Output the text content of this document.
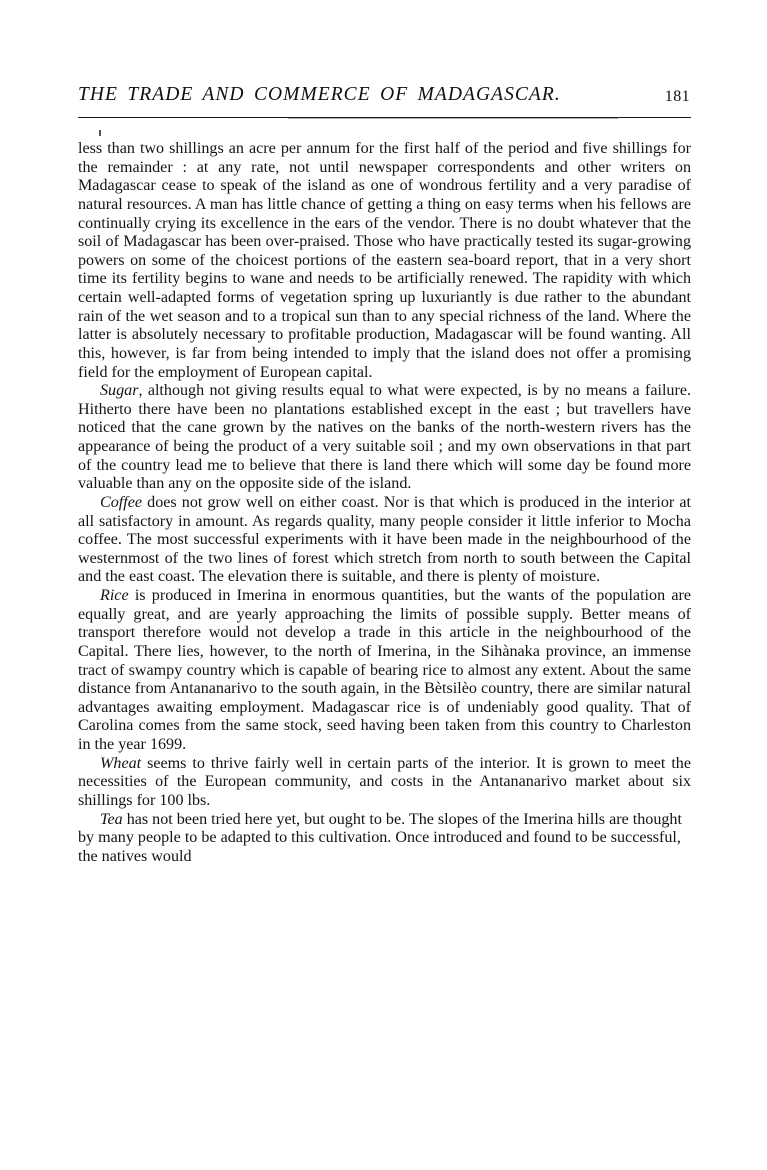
THE TRADE AND COMMERCE OF MADAGASCAR.	181

less than two shillings an acre per annum for the first half of the period and five shillings for the remainder : at any rate, not until newspaper correspondents and other writers on Madagascar cease to speak of the island as one of wondrous fertility and a very paradise of natural resources. A man has little chance of getting a thing on easy terms when his fellows are continually crying its excellence in the ears of the vendor. There is no doubt whatever that the soil of Madagascar has been over-praised. Those who have practically tested its sugar-growing powers on some of the choicest portions of the eastern sea-board report, that in a very short time its fertility begins to wane and needs to be artificially renewed. The rapidity with which certain well-adapted forms of vegetation spring up luxuriantly is due rather to the abundant rain of the wet season and to a tropical sun than to any special richness of the land. Where the latter is absolutely necessary to profitable production, Madagascar will be found wanting. All this, however, is far from being intended to imply that the island does not offer a promising field for the employment of European capital.

Sugar, although not giving results equal to what were expected, is by no means a failure. Hitherto there have been no plantations established except in the east ; but travellers have noticed that the cane grown by the natives on the banks of the north-western rivers has the appearance of being the product of a very suitable soil ; and my own observations in that part of the country lead me to believe that there is land there which will some day be found more valuable than any on the opposite side of the island.

Coffee does not grow well on either coast. Nor is that which is produced in the interior at all satisfactory in amount. As regards quality, many people consider it little inferior to Mocha coffee. The most successful experiments with it have been made in the neighbourhood of the westernmost of the two lines of forest which stretch from north to south between the Capital and the east coast. The elevation there is suitable, and there is plenty of moisture.

Rice is produced in Imerina in enormous quantities, but the wants of the population are equally great, and are yearly approaching the limits of possible supply. Better means of transport therefore would not develop a trade in this article in the neighbourhood of the Capital. There lies, however, to the north of Imerina, in the Sihànaka province, an immense tract of swampy country which is capable of bearing rice to almost any extent. About the same distance from Antananarivo to the south again, in the Bètsilèo country, there are similar natural advantages awaiting employment. Madagascar rice is of undeniably good quality. That of Carolina comes from the same stock, seed having been taken from this country to Charleston in the year 1699.

Wheat seems to thrive fairly well in certain parts of the interior. It is grown to meet the necessities of the European community, and costs in the Antananarivo market about six shillings for 100 lbs.

Tea has not been tried here yet, but ought to be. The slopes of the Imerina hills are thought by many people to be adapted to this cultivation. Once introduced and found to be successful, the natives would
